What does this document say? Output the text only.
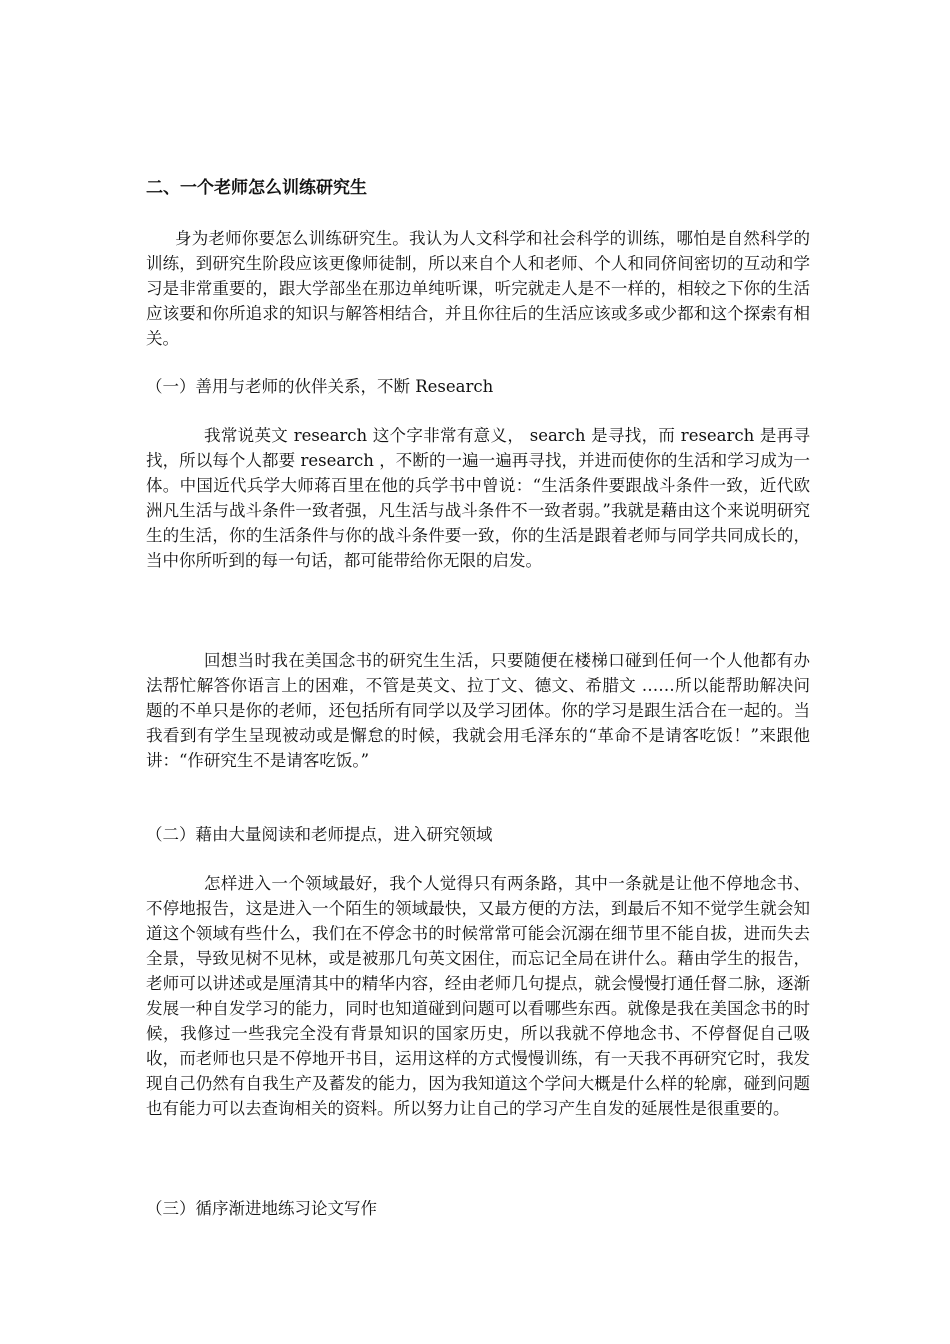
二、一个老师怎么训练研究生

身为老师你要怎么训练研究生。我认为人文科学和社会科学的训练，哪怕是自然科学的训练，到研究生阶段应该更像师徒制，所以来自个人和老师、个人和同侪间密切的互动和学习是非常重要的，跟大学部坐在那边单纯听课，听完就走人是不一样的，相较之下你的生活应该要和你所追求的知识与解答相结合，并且你往后的生活应该或多或少都和这个探索有相关。

（一）善用与老师的伙伴关系，不断 Research

我常说英文 research 这个字非常有意义， search 是寻找，而 research 是再寻找，所以每个人都要 research ，不断的一遍一遍再寻找，并进而使你的生活和学习成为一体。中国近代兵学大师蒋百里在他的兵学书中曾说：“生活条件要跟战斗条件一致，近代欧洲凡生活与战斗条件一致者强，凡生活与战斗条件不一致者弱。”我就是藉由这个来说明研究生的生活，你的生活条件与你的战斗条件要一致，你的生活是跟着老师与同学共同成长的，当中你所听到的每一句话，都可能带给你无限的启发。

回想当时我在美国念书的研究生生活，只要随便在楼梯口碰到任何一个人他都有办法帮忙解答你语言上的困难，不管是英文、拉丁文、德文、希腊文 ……所以能帮助解决问题的不单只是你的老师，还包括所有同学以及学习团体。你的学习是跟生活合在一起的。当我看到有学生呈现被动或是懈怠的时候，我就会用毛泽东的“革命不是请客吃饭！”来跟他讲：“作研究生不是请客吃饭。”

（二）藉由大量阅读和老师提点，进入研究领域

怎样进入一个领域最好，我个人觉得只有两条路，其中一条就是让他不停地念书、不停地报告，这是进入一个陌生的领域最快，又最方便的方法，到最后不知不觉学生就会知道这个领域有些什么，我们在不停念书的时候常常可能会沉溺在细节里不能自拔，进而失去全景，导致见树不见林，或是被那几句英文困住，而忘记全局在讲什么。藉由学生的报告，老师可以讲述或是厘清其中的精华内容，经由老师几句提点，就会慢慢打通任督二脉，逐渐发展一种自发学习的能力，同时也知道碰到问题可以看哪些东西。就像是我在美国念书的时候，我修过一些我完全没有背景知识的国家历史，所以我就不停地念书、不停督促自己吸收，而老师也只是不停地开书目，运用这样的方式慢慢训练，有一天我不再研究它时，我发现自己仍然有自我生产及蓄发的能力，因为我知道这个学问大概是什么样的轮廓，碰到问题也有能力可以去查询相关的资料。所以努力让自己的学习产生自发的延展性是很重要的。

（三）循序渐进地练习论文写作
